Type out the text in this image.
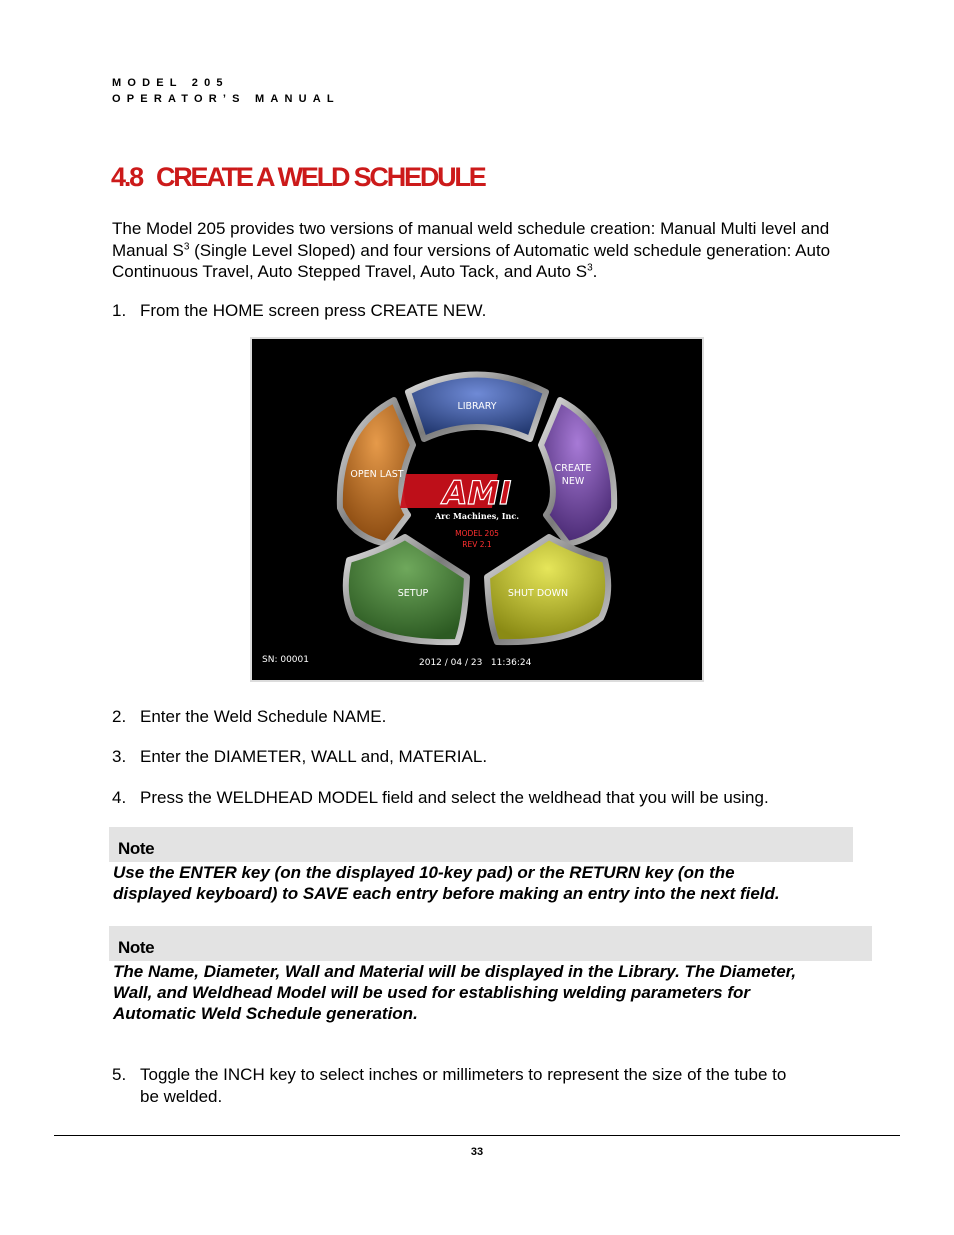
MODEL 205
OPERATOR’S MANUAL
4.8 CREATE A WELD SCHEDULE

The Model 205 provides two versions of manual weld schedule creation: Manual Multi level and Manual $S^3$ (Single Level Sloped) and four versions of Automatic weld schedule generation: Auto Continuous Travel, Auto Stepped Travel, Auto Tack, and Auto $S^3$.

1. From the HOME screen press CREATE NEW.
LIBRARY
CREATE
NEW
OPEN LAST
SETUP	SHUT DOWN
AMI
Arc Machines, Inc.
MODEL 205
REV 2.1
SN: 00001	2012 / 04 / 23   11:36:24
2. Enter the Weld Schedule NAME.
3. Enter the DIAMETER, WALL and, MATERIAL.
4. Press the WELDHEAD MODEL field and select the weldhead that you will be using.
Note
Use the ENTER key (on the displayed 10-key pad) or the RETURN key (on the
displayed keyboard) to SAVE each entry before making an entry into the next field.
Note
The Name, Diameter, Wall and Material will be displayed in the Library. The Diameter,
Wall, and Weldhead Model will be used for establishing welding parameters for
Automatic Weld Schedule generation.
5. Toggle the INCH key to select inches or millimeters to represent the size of the tube to
be welded.
33
